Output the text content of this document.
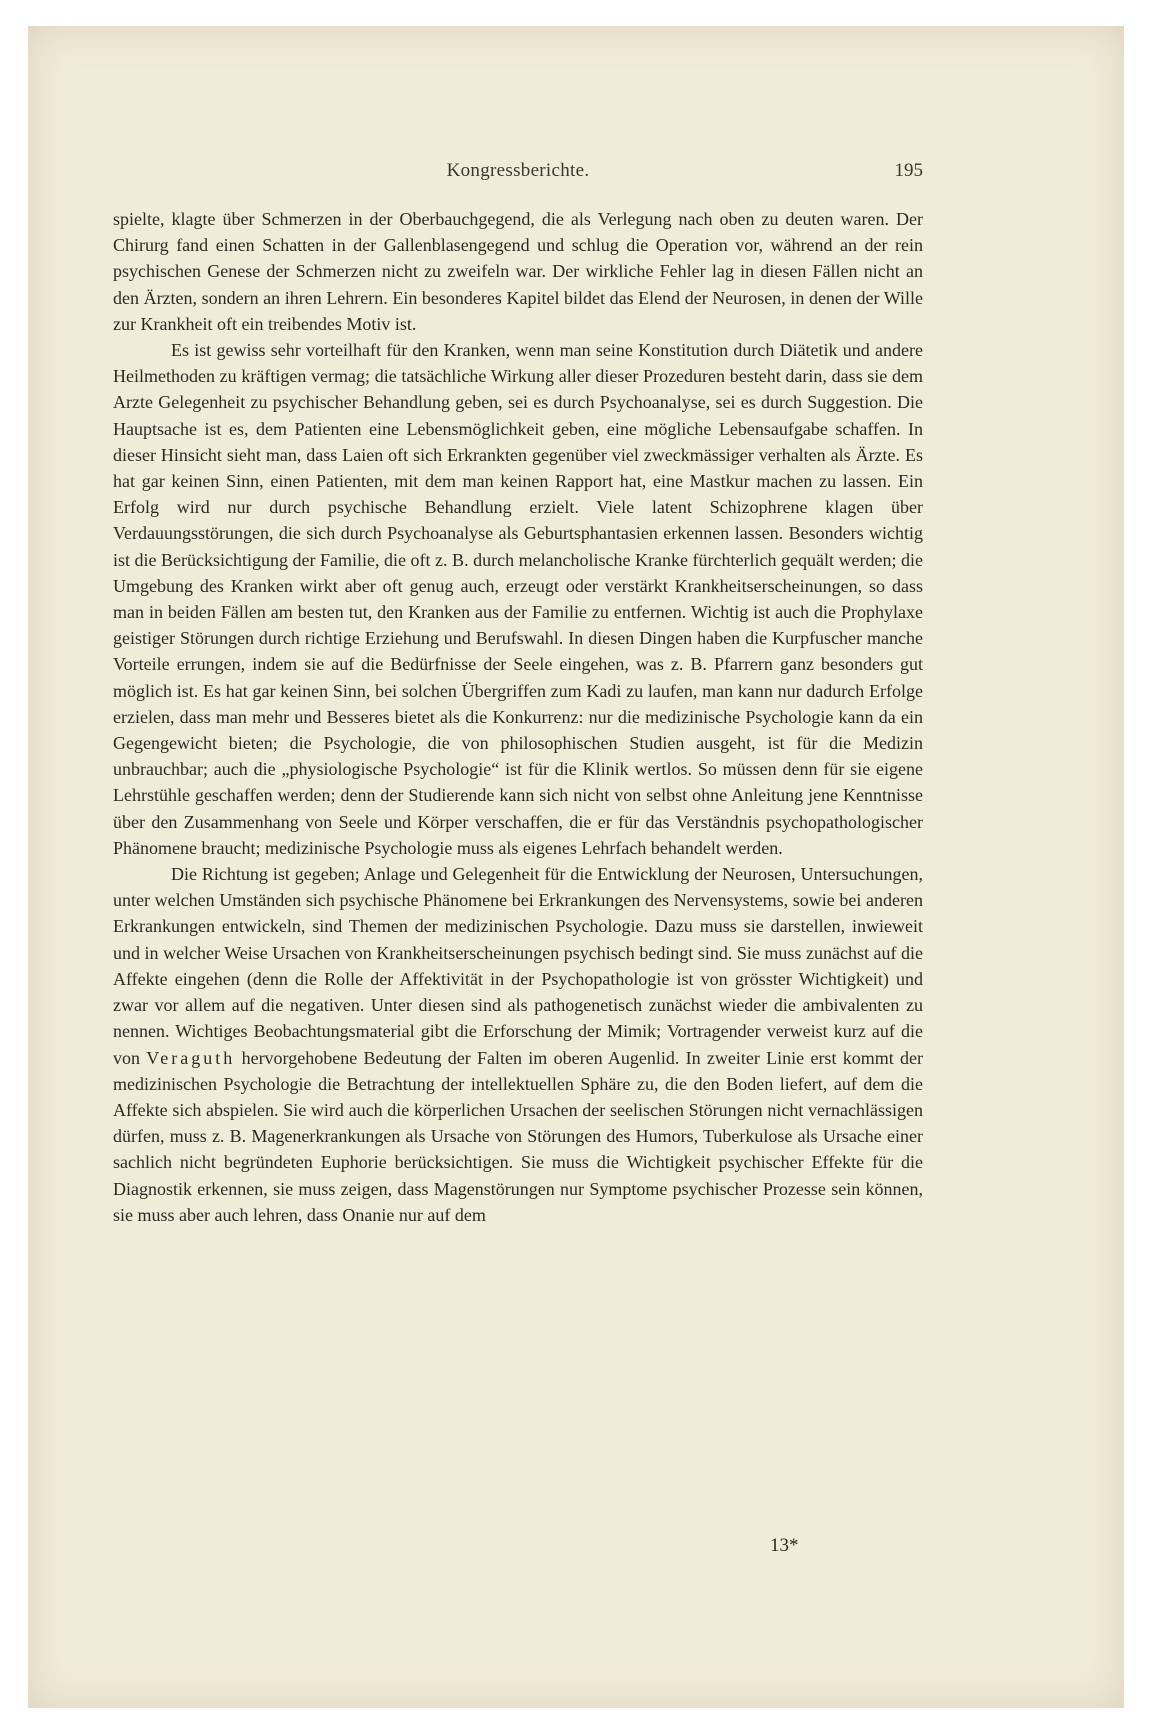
Kongressberichte.	195

spielte, klagte über Schmerzen in der Oberbauchgegend, die als Verlegung nach oben zu deuten waren. Der Chirurg fand einen Schatten in der Gallenblasengegend und schlug die Operation vor, während an der rein psychischen Genese der Schmerzen nicht zu zweifeln war. Der wirkliche Fehler lag in diesen Fällen nicht an den Ärzten, sondern an ihren Lehrern. Ein besonderes Kapitel bildet das Elend der Neurosen, in denen der Wille zur Krankheit oft ein treibendes Motiv ist.

Es ist gewiss sehr vorteilhaft für den Kranken, wenn man seine Konstitution durch Diätetik und andere Heilmethoden zu kräftigen vermag; die tatsächliche Wirkung aller dieser Prozeduren besteht darin, dass sie dem Arzte Gelegenheit zu psychischer Behandlung geben, sei es durch Psychoanalyse, sei es durch Suggestion. Die Hauptsache ist es, dem Patienten eine Lebensmöglichkeit geben, eine mögliche Lebensaufgabe schaffen. In dieser Hinsicht sieht man, dass Laien oft sich Erkrankten gegenüber viel zweckmässiger verhalten als Ärzte. Es hat gar keinen Sinn, einen Patienten, mit dem man keinen Rapport hat, eine Mastkur machen zu lassen. Ein Erfolg wird nur durch psychische Behandlung erzielt. Viele latent Schizophrene klagen über Verdauungsstörungen, die sich durch Psychoanalyse als Geburtsphantasien erkennen lassen. Besonders wichtig ist die Berücksichtigung der Familie, die oft z. B. durch melancholische Kranke fürchterlich gequält werden; die Umgebung des Kranken wirkt aber oft genug auch, erzeugt oder verstärkt Krankheitserscheinungen, so dass man in beiden Fällen am besten tut, den Kranken aus der Familie zu entfernen. Wichtig ist auch die Prophylaxe geistiger Störungen durch richtige Erziehung und Berufswahl. In diesen Dingen haben die Kurpfuscher manche Vorteile errungen, indem sie auf die Bedürfnisse der Seele eingehen, was z. B. Pfarrern ganz besonders gut möglich ist. Es hat gar keinen Sinn, bei solchen Übergriffen zum Kadi zu laufen, man kann nur dadurch Erfolge erzielen, dass man mehr und Besseres bietet als die Konkurrenz: nur die medizinische Psychologie kann da ein Gegengewicht bieten; die Psychologie, die von philosophischen Studien ausgeht, ist für die Medizin unbrauchbar; auch die „physiologische Psychologie“ ist für die Klinik wertlos. So müssen denn für sie eigene Lehrstühle geschaffen werden; denn der Studierende kann sich nicht von selbst ohne Anleitung jene Kenntnisse über den Zusammenhang von Seele und Körper verschaffen, die er für das Verständnis psychopathologischer Phänomene braucht; medizinische Psychologie muss als eigenes Lehrfach behandelt werden.

Die Richtung ist gegeben; Anlage und Gelegenheit für die Entwicklung der Neurosen, Untersuchungen, unter welchen Umständen sich psychische Phänomene bei Erkrankungen des Nervensystems, sowie bei anderen Erkrankungen entwickeln, sind Themen der medizinischen Psychologie. Dazu muss sie darstellen, inwieweit und in welcher Weise Ursachen von Krankheitserscheinungen psychisch bedingt sind. Sie muss zunächst auf die Affekte eingehen (denn die Rolle der Affektivität in der Psychopathologie ist von grösster Wichtigkeit) und zwar vor allem auf die negativen. Unter diesen sind als pathogenetisch zunächst wieder die ambivalenten zu nennen. Wichtiges Beobachtungsmaterial gibt die Erforschung der Mimik; Vortragender verweist kurz auf die von Veraguth hervorgehobene Bedeutung der Falten im oberen Augenlid. In zweiter Linie erst kommt der medizinischen Psychologie die Betrachtung der intellektuellen Sphäre zu, die den Boden liefert, auf dem die Affekte sich abspielen. Sie wird auch die körperlichen Ursachen der seelischen Störungen nicht vernachlässigen dürfen, muss z. B. Magenerkrankungen als Ursache von Störungen des Humors, Tuberkulose als Ursache einer sachlich nicht begründeten Euphorie berücksichtigen. Sie muss die Wichtigkeit psychischer Effekte für die Diagnostik erkennen, sie muss zeigen, dass Magenstörungen nur Symptome psychischer Prozesse sein können, sie muss aber auch lehren, dass Onanie nur auf dem

13*
